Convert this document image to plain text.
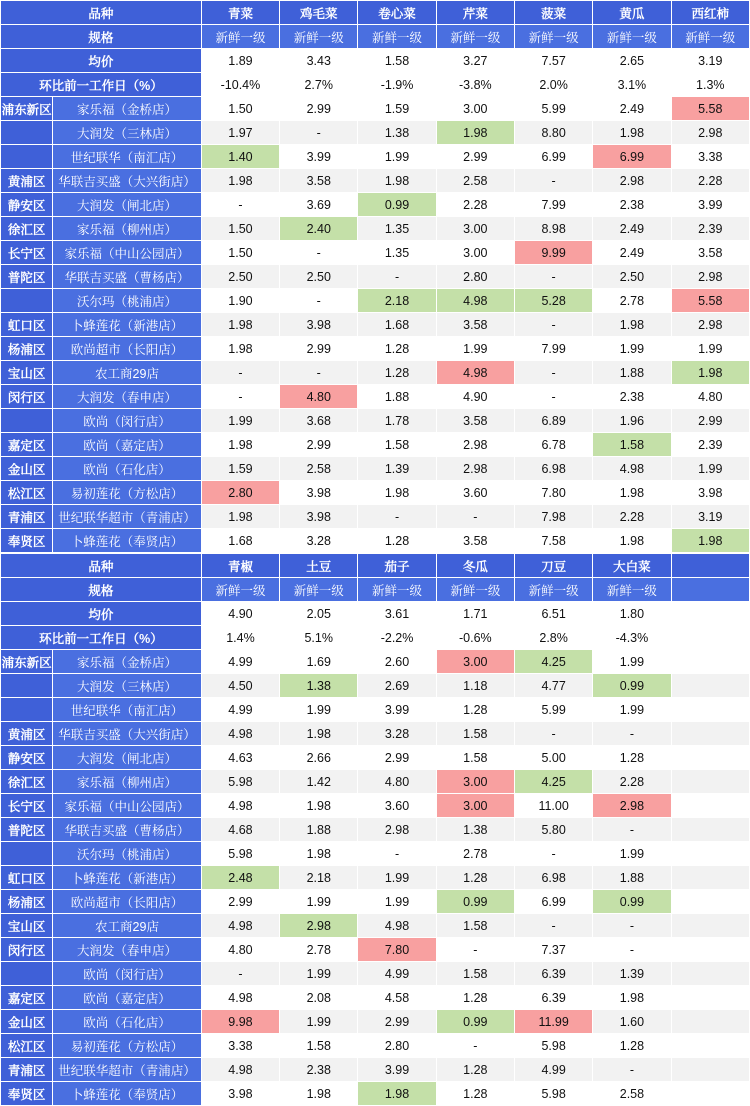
品种		青菜	鸡毛菜	卷心菜	芹菜	菠菜	黄瓜	西红柿
规格		新鲜一级	新鲜一级	新鲜一级	新鲜一级	新鲜一级	新鲜一级	新鲜一级
均价		1.89	3.43	1.58	3.27	7.57	2.65	3.19
环比前一工作日（%）		-10.4%	2.7%	-1.9%	-3.8%	2.0%	3.1%	1.3%
浦东新区	家乐福（金桥店）	1.50	2.99	1.59	3.00	5.99	2.49	5.58
	大润发（三林店）	1.97	-	1.38	1.98	8.80	1.98	2.98
	世纪联华（南汇店）	1.40	3.99	1.99	2.99	6.99	6.99	3.38
黄浦区	华联吉买盛（大兴街店）	1.98	3.58	1.98	2.58	-	2.98	2.28
静安区	大润发（闸北店）	-	3.69	0.99	2.28	7.99	2.38	3.99
徐汇区	家乐福（柳州店）	1.50	2.40	1.35	3.00	8.98	2.49	2.39
长宁区	家乐福（中山公园店）	1.50	-	1.35	3.00	9.99	2.49	3.58
普陀区	华联吉买盛（曹杨店）	2.50	2.50	-	2.80	-	2.50	2.98
	沃尔玛（桃浦店）	1.90	-	2.18	4.98	5.28	2.78	5.58
虹口区	卜蜂莲花（新港店）	1.98	3.98	1.68	3.58	-	1.98	2.98
杨浦区	欧尚超市（长阳店）	1.98	2.99	1.28	1.99	7.99	1.99	1.99
宝山区	农工商29店	-	-	1.28	4.98	-	1.88	1.98
闵行区	大润发（春申店）	-	4.80	1.88	4.90	-	2.38	4.80
	欧尚（闵行店）	1.99	3.68	1.78	3.58	6.89	1.96	2.99
嘉定区	欧尚（嘉定店）	1.98	2.99	1.58	2.98	6.78	1.58	2.39
金山区	欧尚（石化店）	1.59	2.58	1.39	2.98	6.98	4.98	1.99
松江区	易初莲花（方松店）	2.80	3.98	1.98	3.60	7.80	1.98	3.98
青浦区	世纪联华超市（青浦店）	1.98	3.98	-	-	7.98	2.28	3.19
奉贤区	卜蜂莲花（奉贤店）	1.68	3.28	1.28	3.58	7.58	1.98	1.98
品种		青椒	土豆	茄子	冬瓜	刀豆	大白菜	
规格		新鲜一级	新鲜一级	新鲜一级	新鲜一级	新鲜一级	新鲜一级	
均价		4.90	2.05	3.61	1.71	6.51	1.80	
环比前一工作日（%）		1.4%	5.1%	-2.2%	-0.6%	2.8%	-4.3%	
浦东新区	家乐福（金桥店）	4.99	1.69	2.60	3.00	4.25	1.99	
	大润发（三林店）	4.50	1.38	2.69	1.18	4.77	0.99	
	世纪联华（南汇店）	4.99	1.99	3.99	1.28	5.99	1.99	
黄浦区	华联吉买盛（大兴街店）	4.98	1.98	3.28	1.58	-	-	
静安区	大润发（闸北店）	4.63	2.66	2.99	1.58	5.00	1.28	
徐汇区	家乐福（柳州店）	5.98	1.42	4.80	3.00	4.25	2.28	
长宁区	家乐福（中山公园店）	4.98	1.98	3.60	3.00	11.00	2.98	
普陀区	华联吉买盛（曹杨店）	4.68	1.88	2.98	1.38	5.80	-	
	沃尔玛（桃浦店）	5.98	1.98	-	2.78	-	1.99	
虹口区	卜蜂莲花（新港店）	2.48	2.18	1.99	1.28	6.98	1.88	
杨浦区	欧尚超市（长阳店）	2.99	1.99	1.99	0.99	6.99	0.99	
宝山区	农工商29店	4.98	2.98	4.98	1.58	-	-	
闵行区	大润发（春申店）	4.80	2.78	7.80	-	7.37	-	
	欧尚（闵行店）	-	1.99	4.99	1.58	6.39	1.39	
嘉定区	欧尚（嘉定店）	4.98	2.08	4.58	1.28	6.39	1.98	
金山区	欧尚（石化店）	9.98	1.99	2.99	0.99	11.99	1.60	
松江区	易初莲花（方松店）	3.38	1.58	2.80	-	5.98	1.28	
青浦区	世纪联华超市（青浦店）	4.98	2.38	3.99	1.28	4.99	-	
奉贤区	卜蜂莲花（奉贤店）	3.98	1.98	1.98	1.28	5.98	2.58	
